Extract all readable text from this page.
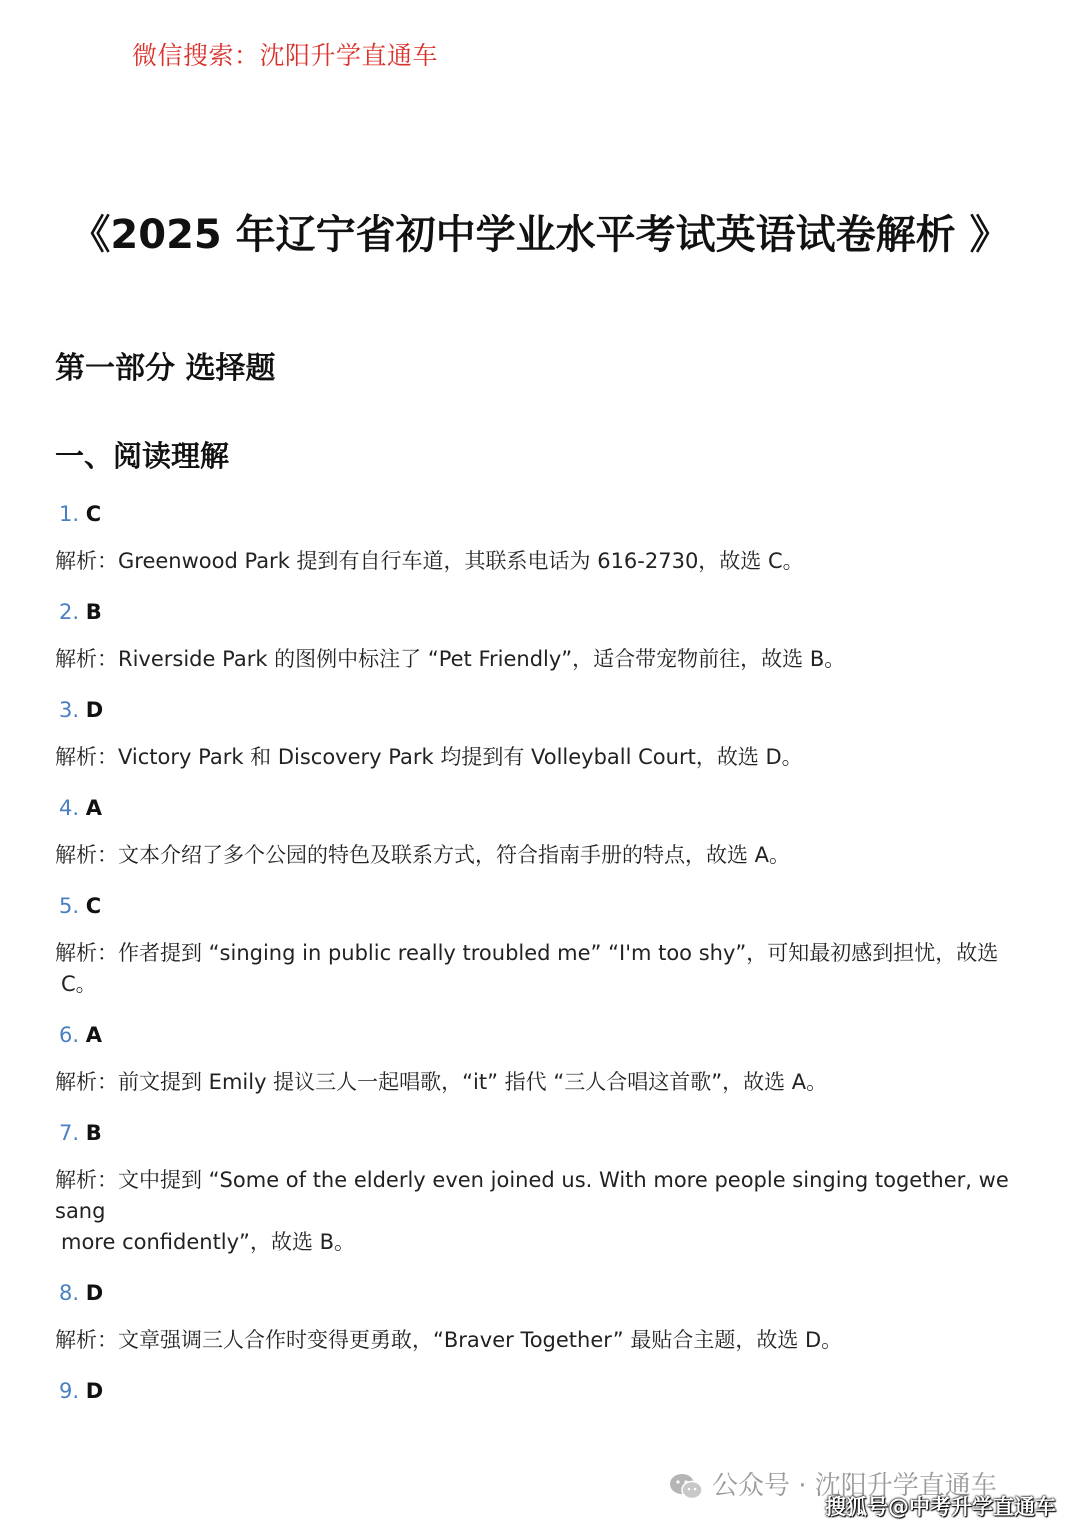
微信搜索：沈阳升学直通车
《2025 年辽宁省初中学业水平考试英语试卷解析 》
第一部分 选择题
一、阅读理解
1. C
解析：Greenwood Park 提到有自行车道，其联系电话为 616-2730，故选 C。
2. B
解析：Riverside Park 的图例中标注了 “Pet Friendly”，适合带宠物前往，故选 B。
3. D
解析：Victory Park 和 Discovery Park 均提到有 Volleyball Court，故选 D。
4. A
解析：文本介绍了多个公园的特色及联系方式，符合指南手册的特点，故选 A。
5. C
解析：作者提到 “singing in public really troubled me” “I'm too shy”，可知最初感到担忧，故选
C。
6. A
解析：前文提到 Emily 提议三人一起唱歌，“it” 指代 “三人合唱这首歌”，故选 A。
7. B
解析：文中提到 “Some of the elderly even joined us. With more people singing together, we sang
more confidently”，故选 B。
8. D
解析：文章强调三人合作时变得更勇敢，“Braver Together” 最贴合主题，故选 D。
9. D
公众号 · 沈阳升学直通车
搜狐号@中考升学直通车
